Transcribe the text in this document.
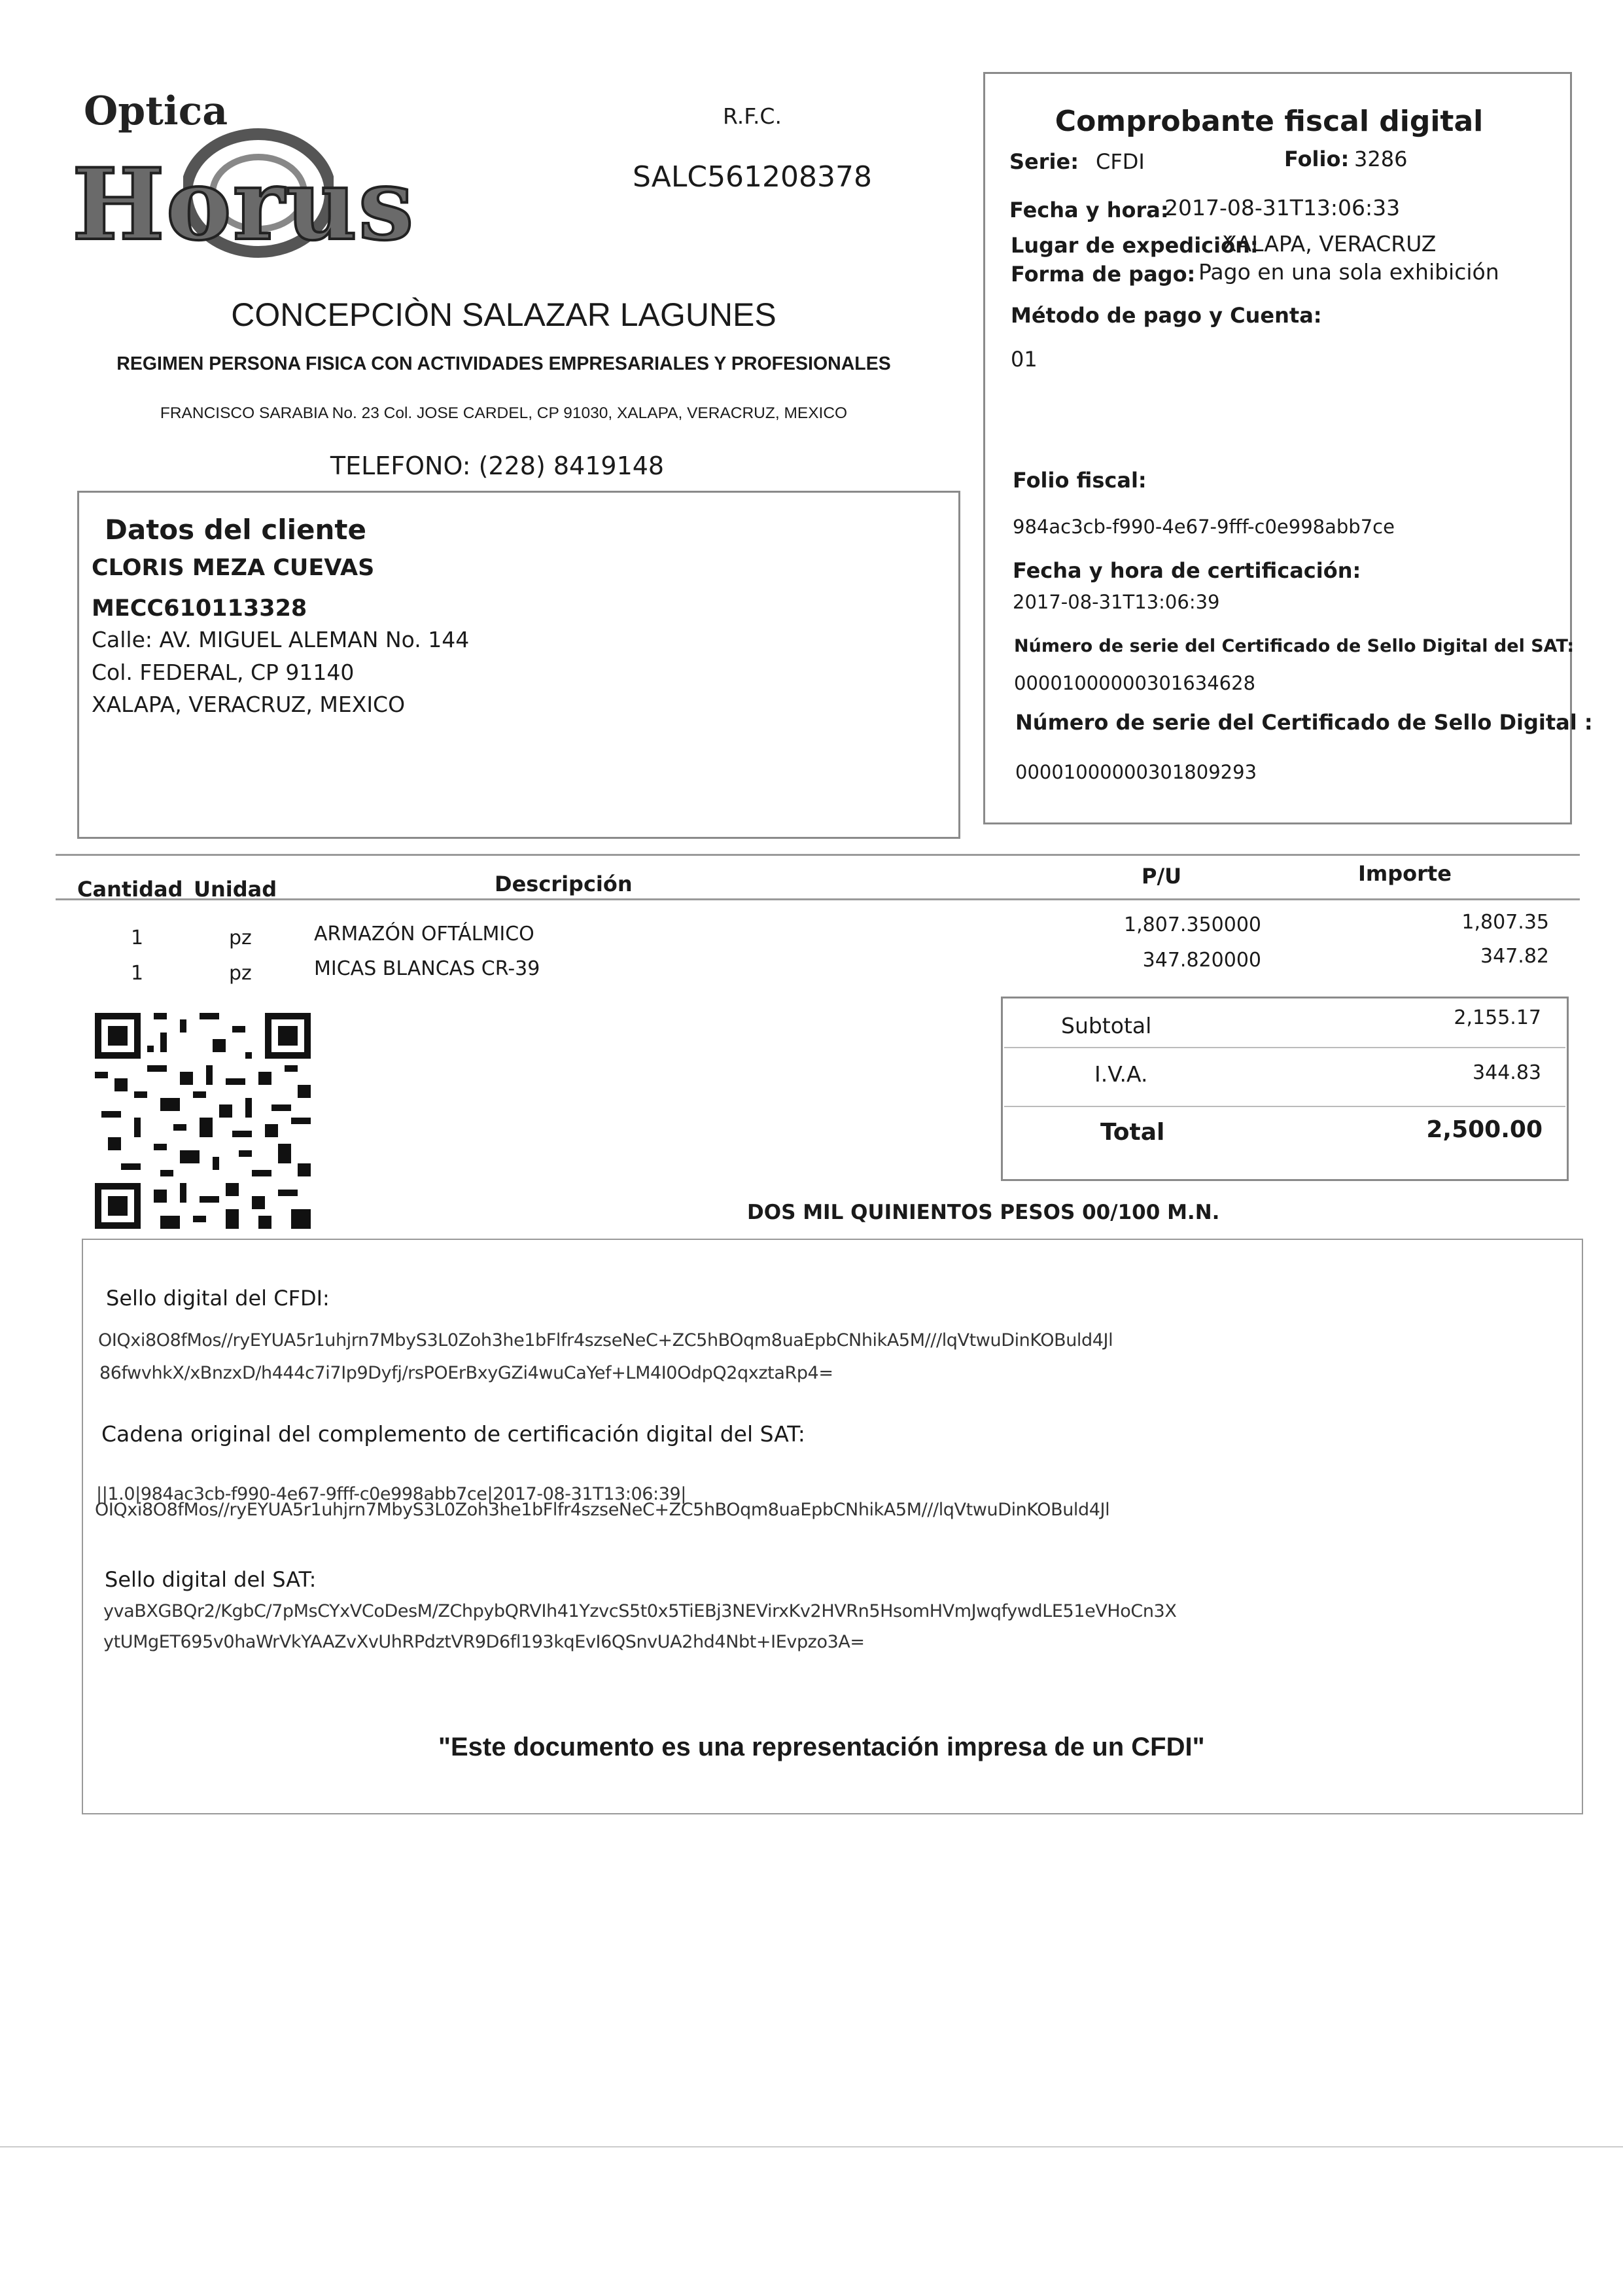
Optica
Horus
R.F.C.
SALC561208378
CONCEPCIÒN SALAZAR LAGUNES
REGIMEN PERSONA FISICA CON ACTIVIDADES EMPRESARIALES Y PROFESIONALES
FRANCISCO SARABIA No. 23 Col. JOSE CARDEL, CP 91030, XALAPA, VERACRUZ, MEXICO
TELEFONO: (228) 8419148
Comprobante fiscal digital
Serie: CFDI	Folio: 3286
Fecha y hora:
2017-08-31T13:06:33
Lugar de expedición:
XALAPA, VERACRUZ
Forma de pago: Pago en una sola exhibición
Método de pago y Cuenta:
01
Folio fiscal:
984ac3cb-f990-4e67-9fff-c0e998abb7ce
Fecha y hora de certificación:
2017-08-31T13:06:39
Número de serie del Certificado de Sello Digital del SAT:
00001000000301634628
Número de serie del Certificado de Sello Digital :
00001000000301809293
Datos del cliente
CLORIS MEZA CUEVAS
MECC610113328
Calle: AV. MIGUEL ALEMAN No. 144
Col. FEDERAL, CP 91140
XALAPA, VERACRUZ, MEXICO
Cantidad Unidad	Descripción	P/U	Importe
1	pz	ARMAZÓN OFTÁLMICO	1,807.350000	1,807.35
1	pz	MICAS BLANCAS CR-39	347.820000	347.82
Subtotal	2,155.17
I.V.A.	344.83
Total	2,500.00
DOS MIL QUINIENTOS PESOS 00/100 M.N.
Sello digital del CFDI:
OIQxi8O8fMos//ryEYUA5r1uhjrn7MbyS3L0Zoh3he1bFlfr4szseNeC+ZC5hBOqm8uaEpbCNhikA5M///lqVtwuDinKOBuld4Jl
86fwvhkX/xBnzxD/h444c7i7Ip9Dyfj/rsPOErBxyGZi4wuCaYef+LM4I0OdpQ2qxztaRp4=
Cadena original del complemento de certificación digital del SAT:
||1.0|984ac3cb-f990-4e67-9fff-c0e998abb7ce|2017-08-31T13:06:39|
OIQxi8O8fMos//ryEYUA5r1uhjrn7MbyS3L0Zoh3he1bFlfr4szseNeC+ZC5hBOqm8uaEpbCNhikA5M///lqVtwuDinKOBuld4Jl
Sello digital del SAT:
yvaBXGBQr2/KgbC/7pMsCYxVCoDesM/ZChpybQRVIh41YzvcS5t0x5TiEBj3NEVirxKv2HVRn5HsomHVmJwqfywdLE51eVHoCn3X
ytUMgET695v0haWrVkYAAZvXvUhRPdztVR9D6fl193kqEvI6QSnvUA2hd4Nbt+IEvpzo3A=
"Este documento es una representación impresa de un CFDI"
